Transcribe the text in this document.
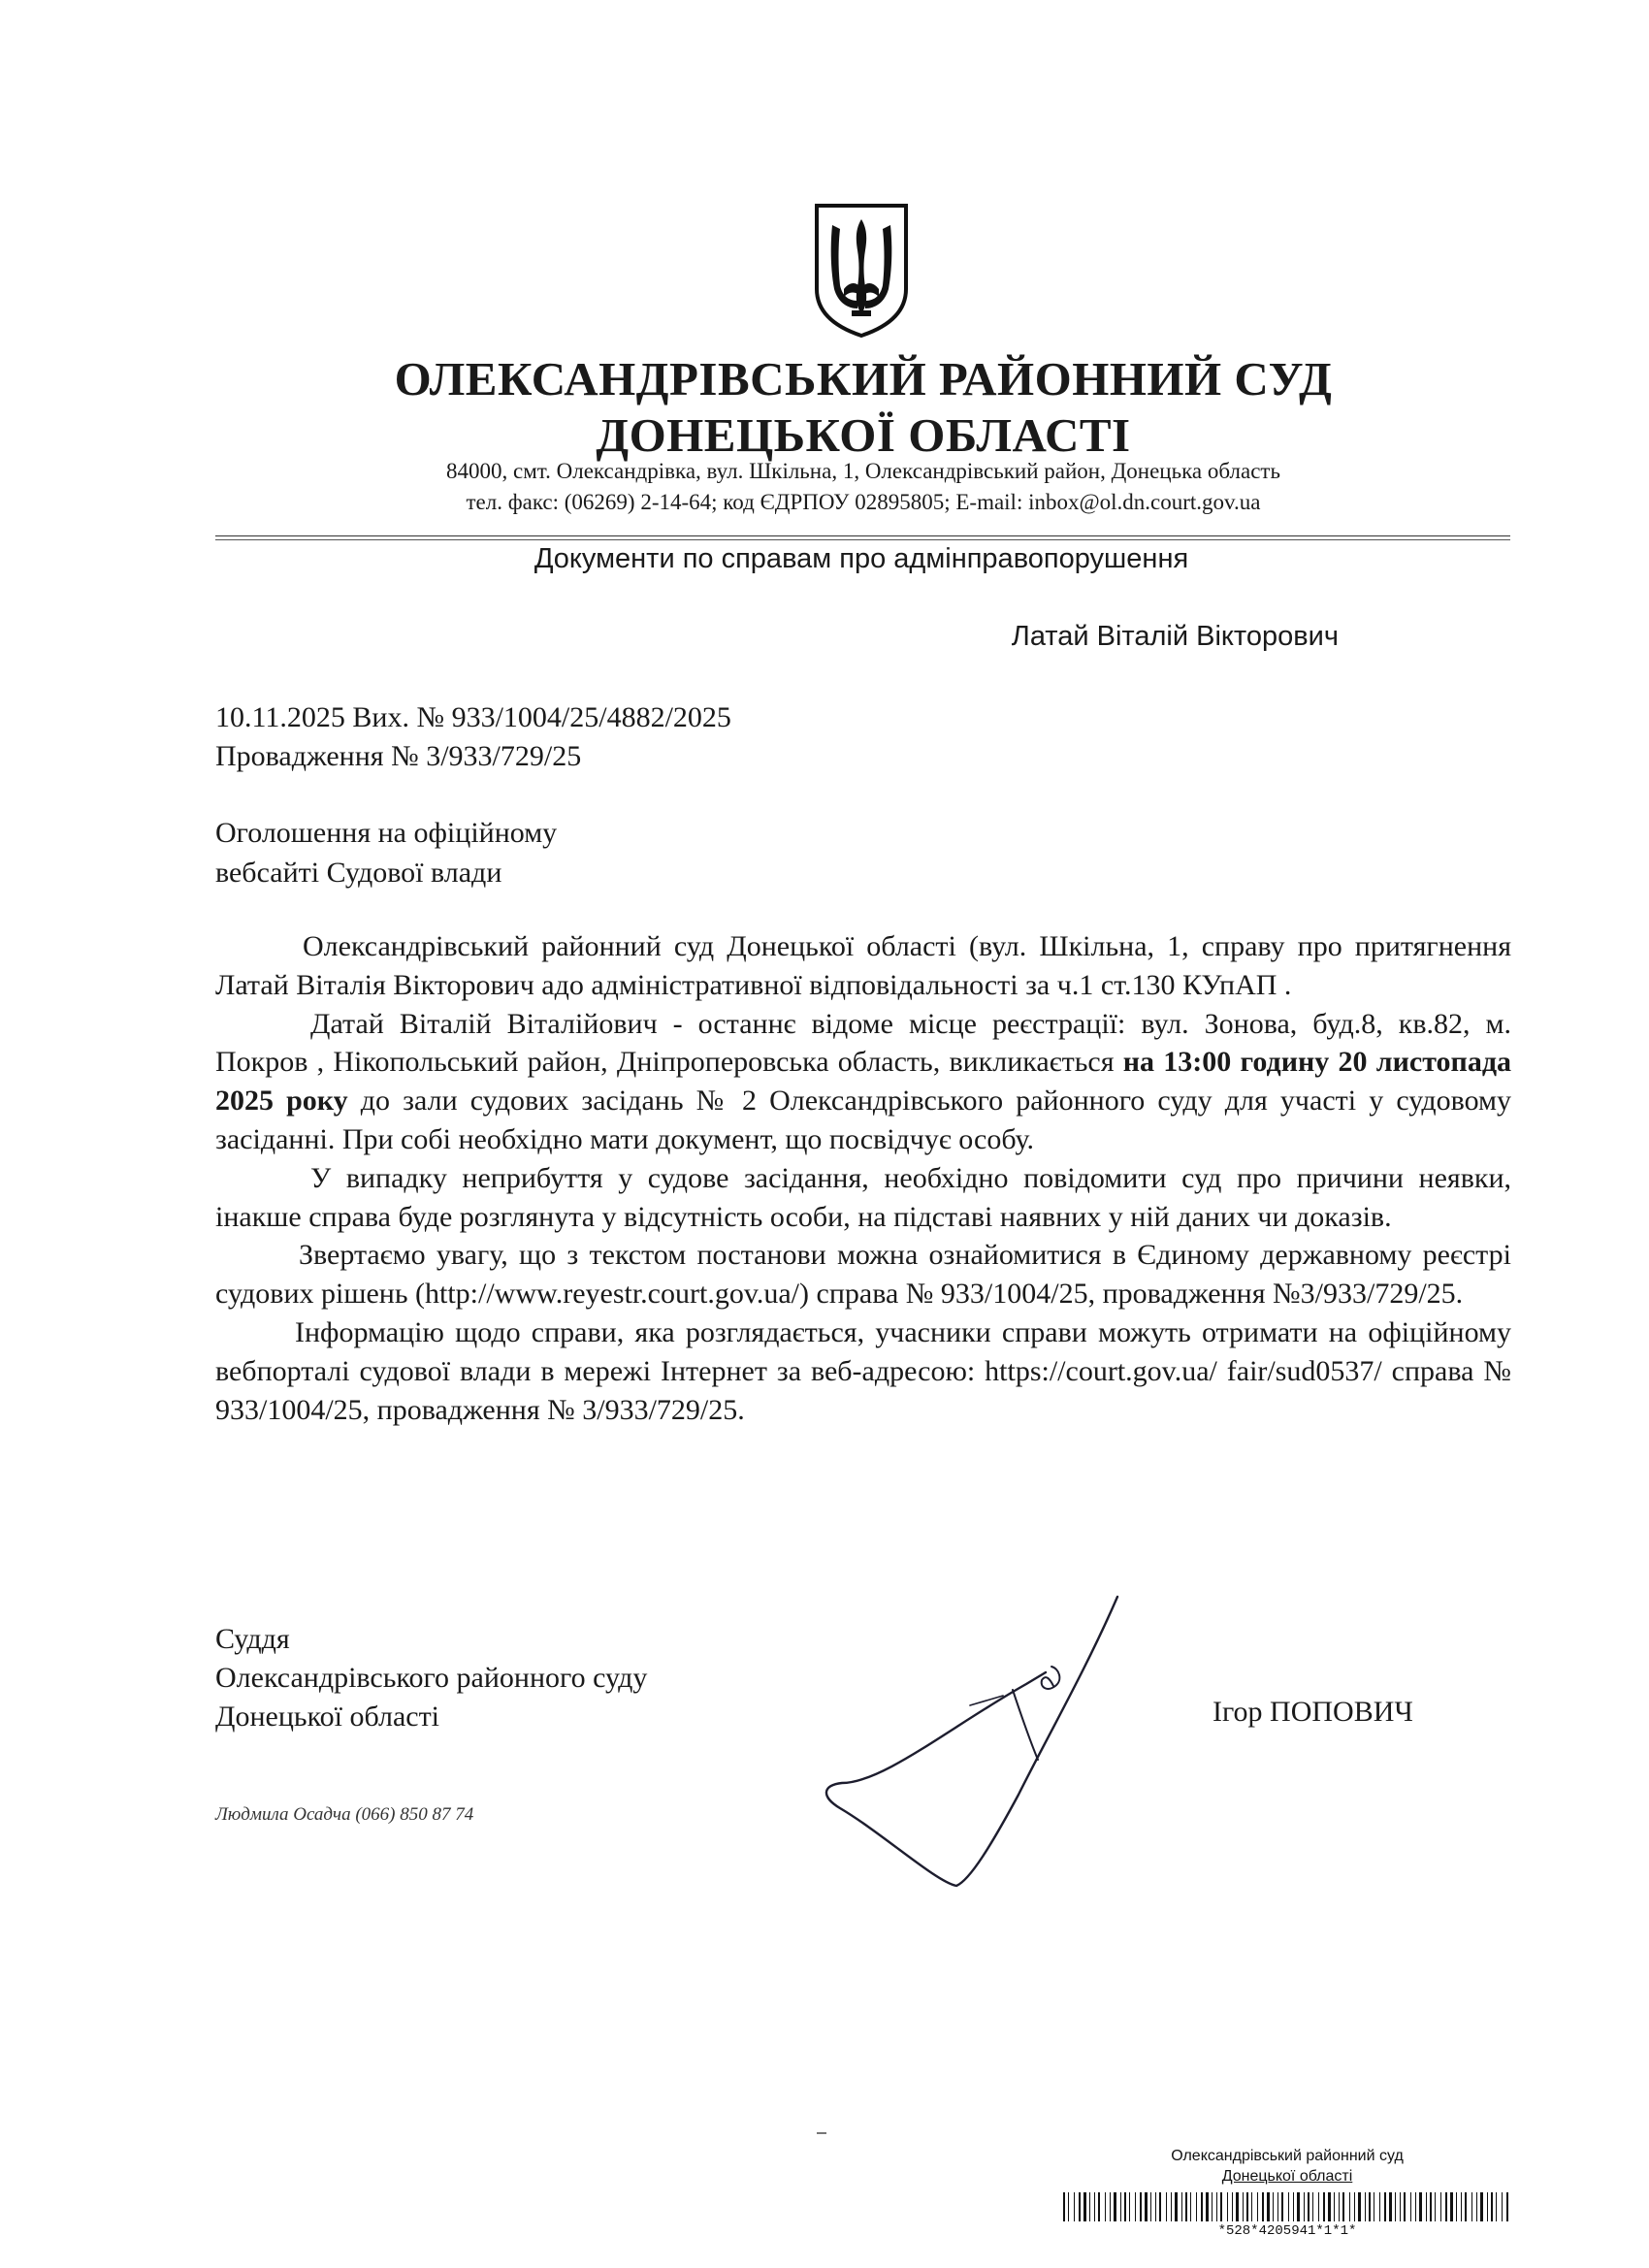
ОЛЕКСАНДРІВСЬКИЙ РАЙОННИЙ СУД
ДОНЕЦЬКОЇ ОБЛАСТІ
84000, смт. Олександрівка, вул. Шкільна, 1, Олександрівський район, Донецька область
тел. факс: (06269) 2-14-64; код ЄДРПОУ 02895805; E-mail: inbox@ol.dn.court.gov.ua
Документи по справам про адмінправопорушення
Латай Віталій Вікторович
10.11.2025 Вих. № 933/1004/25/4882/2025
Провадження № 3/933/729/25
Оголошення на офіційному
вебсайті Судової влади

Олександрівський районний суд Донецької області (вул. Шкільна, 1, справу про притягнення Латай Віталія Вікторович адо адміністративної відповідальності за ч.1 ст.130 КУпАП .

Датай Віталій Віталійович - останнє відоме місце реєстрації: вул. Зонова, буд.8, кв.82, м. Покров , Нікопольський район, Дніпроперовська область, викликається на 13:00 годину 20 листопада 2025 року до зали судових засідань № 2 Олександрівського районного суду для участі у судовому засіданні. При собі необхідно мати документ, що посвідчує особу.

У випадку неприбуття у судове засідання, необхідно повідомити суд про причини неявки, інакше справа буде розглянута у відсутність особи, на підставі наявних у ній даних чи доказів.

Звертаємо увагу, що з текстом постанови можна ознайомитися в Єдиному державному реєстрі судових рішень (http://www.reyestr.court.gov.ua/) справа № 933/1004/25, провадження №3/933/729/25.

Інформацію щодо справи, яка розглядається, учасники справи можуть отримати на офіційному вебпорталі судової влади в мережі Інтернет за веб-адресою: https://court.gov.ua/ fair/sud0537/ справа № 933/1004/25, провадження № 3/933/729/25.

Суддя
Олександрівського районного суду
Донецької області	Ігор ПОПОВИЧ
Людмила Осадча (066) 850 87 74
Олександрівський районний суд
Донецької області
*528*4205941*1*1*
